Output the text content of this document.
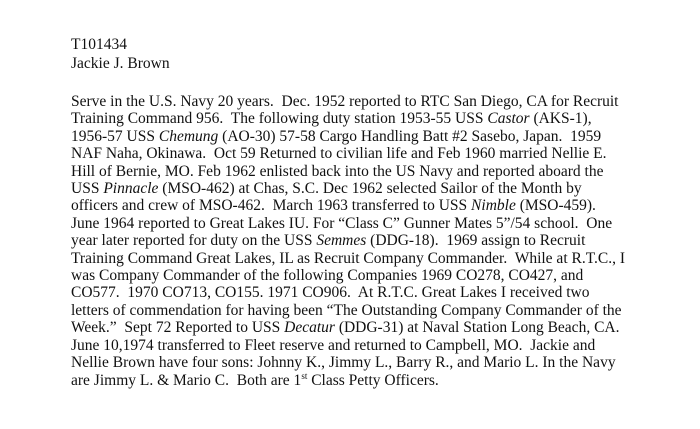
T101434
Jackie J. Brown
Serve in the U.S. Navy 20 years.  Dec. 1952 reported to RTC San Diego, CA for Recruit
Training Command 956.  The following duty station 1953-55 USS Castor (AKS-1),
1956-57 USS Chemung (AO-30) 57-58 Cargo Handling Batt #2 Sasebo, Japan.  1959
NAF Naha, Okinawa.  Oct 59 Returned to civilian life and Feb 1960 married Nellie E.
Hill of Bernie, MO. Feb 1962 enlisted back into the US Navy and reported aboard the
USS Pinnacle (MSO-462) at Chas, S.C. Dec 1962 selected Sailor of the Month by
officers and crew of MSO-462.  March 1963 transferred to USS Nimble (MSO-459).
June 1964 reported to Great Lakes IU. For “Class C” Gunner Mates 5”/54 school.  One
year later reported for duty on the USS Semmes (DDG-18).  1969 assign to Recruit
Training Command Great Lakes, IL as Recruit Company Commander.  While at R.T.C., I
was Company Commander of the following Companies 1969 CO278, CO427, and
CO577.  1970 CO713, CO155. 1971 CO906.  At R.T.C. Great Lakes I received two
letters of commendation for having been “The Outstanding Company Commander of the
Week.”  Sept 72 Reported to USS Decatur (DDG-31) at Naval Station Long Beach, CA.
June 10,1974 transferred to Fleet reserve and returned to Campbell, MO.  Jackie and
Nellie Brown have four sons: Johnny K., Jimmy L., Barry R., and Mario L. In the Navy
are Jimmy L. & Mario C.  Both are 1st Class Petty Officers.
